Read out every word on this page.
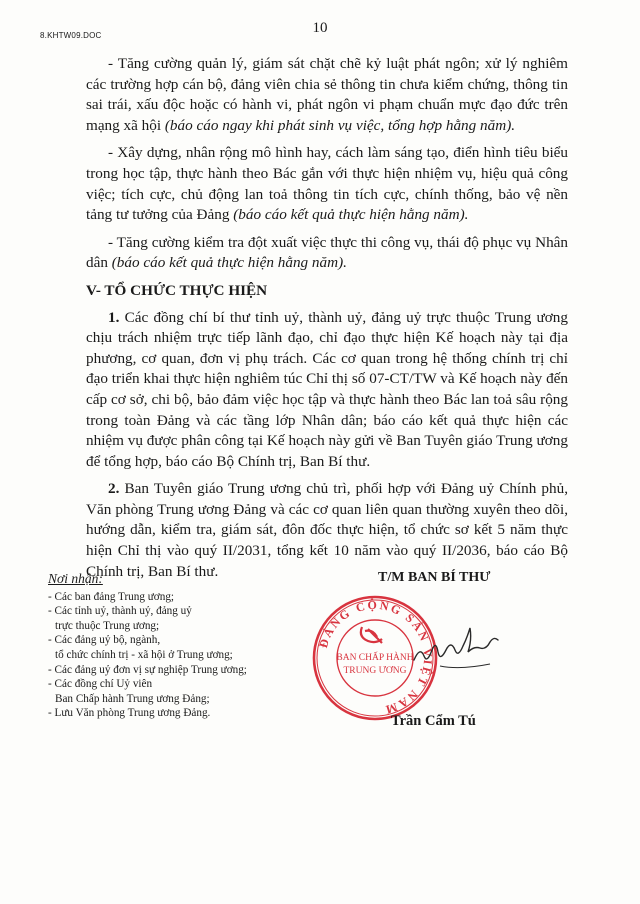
8.KHTW09.DOC	10

- Tăng cường quản lý, giám sát chặt chẽ kỷ luật phát ngôn; xử lý nghiêm các trường hợp cán bộ, đảng viên chia sẻ thông tin chưa kiểm chứng, thông tin sai trái, xấu độc hoặc có hành vi, phát ngôn vi phạm chuẩn mực đạo đức trên mạng xã hội (báo cáo ngay khi phát sinh vụ việc, tổng hợp hằng năm).

- Xây dựng, nhân rộng mô hình hay, cách làm sáng tạo, điển hình tiêu biểu trong học tập, thực hành theo Bác gắn với thực hiện nhiệm vụ, hiệu quả công việc; tích cực, chủ động lan toả thông tin tích cực, chính thống, bảo vệ nền tảng tư tưởng của Đảng (báo cáo kết quả thực hiện hằng năm).

- Tăng cường kiểm tra đột xuất việc thực thi công vụ, thái độ phục vụ Nhân dân (báo cáo kết quả thực hiện hằng năm).

V- TỔ CHỨC THỰC HIỆN

1. Các đồng chí bí thư tỉnh uỷ, thành uỷ, đảng uỷ trực thuộc Trung ương chịu trách nhiệm trực tiếp lãnh đạo, chỉ đạo thực hiện Kế hoạch này tại địa phương, cơ quan, đơn vị phụ trách. Các cơ quan trong hệ thống chính trị chỉ đạo triển khai thực hiện nghiêm túc Chỉ thị số 07-CT/TW và Kế hoạch này đến cấp cơ sở, chi bộ, bảo đảm việc học tập và thực hành theo Bác lan toả sâu rộng trong toàn Đảng và các tầng lớp Nhân dân; báo cáo kết quả thực hiện các nhiệm vụ được phân công tại Kế hoạch này gửi về Ban Tuyên giáo Trung ương để tổng hợp, báo cáo Bộ Chính trị, Ban Bí thư.

2. Ban Tuyên giáo Trung ương chủ trì, phối hợp với Đảng uỷ Chính phủ, Văn phòng Trung ương Đảng và các cơ quan liên quan thường xuyên theo dõi, hướng dẫn, kiểm tra, giám sát, đôn đốc thực hiện, tổ chức sơ kết 5 năm thực hiện Chỉ thị vào quý II/2031, tổng kết 10 năm vào quý II/2036, báo cáo Bộ Chính trị, Ban Bí thư.

Nơi nhận:
- Các ban đảng Trung ương;
- Các tỉnh uỷ, thành uỷ, đảng uỷ
trực thuộc Trung ương;
- Các đảng uỷ bộ, ngành,
tổ chức chính trị - xã hội ở Trung ương;
- Các đảng uỷ đơn vị sự nghiệp Trung ương;
- Các đồng chí Uỷ viên
Ban Chấp hành Trung ương Đảng;
- Lưu Văn phòng Trung ương Đảng.
T/M BAN BÍ THƯ
ĐẢNG CỘNG SẢN VIỆT NAM
BAN CHẤP HÀNH
TRUNG ƯƠNG
Trần Cẩm Tú
